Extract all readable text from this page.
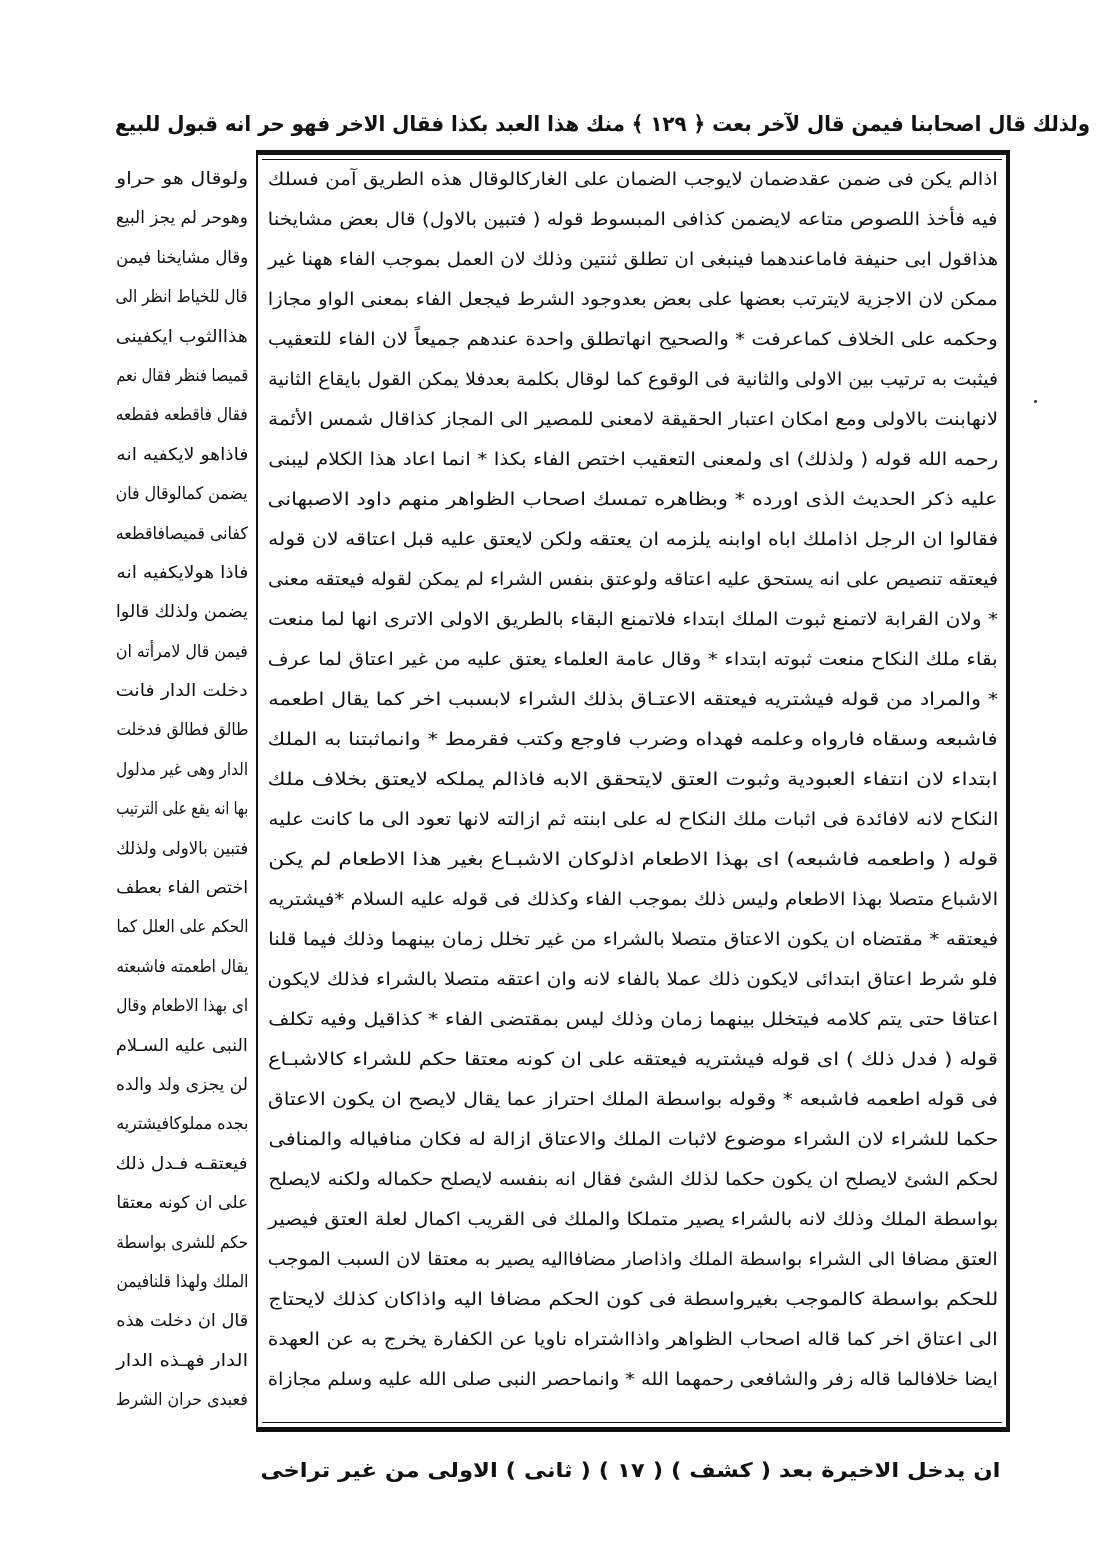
ولذلك قال اصحابنا فيمن قال لآخر بعت ﴿ ١٢٩ ﴾ منك هذا العبد بكذا فقال الاخر فهو حر انه قبول للبيع
ولوقال هو حراو
وهوحر لم يجز البيع
وقال مشايخنا فيمن
قال للخياط انظر الى
هذاالثوب ايكفينى
قميصا فنظر فقال نعم
فقال فاقطعه فقطعه
فاذاهو لايكفيه انه
يضمن كمالوقال فان
كفانى قميصافاقطعه
فاذا هولايكفيه انه
يضمن ولذلك قالوا
فيمن قال لامرأته ان
دخلت الدار فانت
طالق فطالق فدخلت
الدار وهى غير مدلول
بها انه يقع على الترتيب
فتبين بالاولى ولذلك
اختص الفاء بعطف
الحكم على العلل كما
يقال اطعمته فاشبعته
اى بهذا الاطعام وقال
النبى عليه السـلام
لن يجزى ولد والده
بجده مملوكافيشتريه
فيعتقـه فـدل ذلك
على ان كونه معتقا
حكم للشرى بواسطة
الملك ولهذا قلنافيمن
قال ان دخلت هذه
الدار فهـذه الدار
فعبدى حران الشرط
اذالم يكن فى ضمن عقدضمان لايوجب الضمان على الغاركالوقال هذه الطريق آمن فسلك
فيه فأخذ اللصوص متاعه لايضمن كذافى المبسوط قوله ( فتبين بالاول) قال بعض مشايخنا
هذاقول ابى حنيفة فاماعندهما فينبغى ان تطلق ثنتين وذلك لان العمل بموجب الفاء ههنا غير
ممكن لان الاجزية لايترتب بعضها على بعض بعدوجود الشرط فيجعل الفاء بمعنى الواو مجازا
وحكمه على الخلاف كماعرفت * والصحيح انهاتطلق واحدة عندهم جميعاً لان الفاء للتعقيب
فيثبت به ترتيب بين الاولى والثانية فى الوقوع كما لوقال بكلمة بعدفلا يمكن القول بايقاع الثانية
لانهابنت بالاولى ومع امكان اعتبار الحقيقة لامعنى للمصير الى المجاز كذاقال شمس الأئمة
رحمه الله قوله ( ولذلك) اى ولمعنى التعقيب اختص الفاء بكذا * انما اعاد هذا الكلام ليبنى
عليه ذكر الحديث الذى اورده * وبظاهره تمسك اصحاب الظواهر منهم داود الاصبهانى
فقالوا ان الرجل اذاملك اباه اوابنه يلزمه ان يعتقه ولكن لايعتق عليه قبل اعتاقه لان قوله
فيعتقه تنصيص على انه يستحق عليه اعتاقه ولوعتق بنفس الشراء لم يمكن لقوله فيعتقه معنى
* ولان القرابة لاتمنع ثبوت الملك ابتداء فلاتمنع البقاء بالطريق الاولى الاترى انها لما منعت
بقاء ملك النكاح منعت ثبوته ابتداء * وقال عامة العلماء يعتق عليه من غير اعتاق لما عرف
* والمراد من قوله فيشتريه فيعتقه الاعتـاق بذلك الشراء لابسبب اخر كما يقال اطعمه
فاشبعه وسقاه فارواه وعلمه فهداه وضرب فاوجع وكتب فقرمط * وانماثبتنا به الملك
ابتداء لان انتفاء العبودية وثبوت العتق لايتحقق الابه فاذالم يملكه لايعتق بخلاف ملك
النكاح لانه لافائدة فى اثبات ملك النكاح له على ابنته ثم ازالته لانها تعود الى ما كانت عليه
قوله ( واطعمه فاشبعه) اى بهذا الاطعام اذلوكان الاشبـاع بغير هذا الاطعام لم يكن
الاشباع متصلا بهذا الاطعام وليس ذلك بموجب الفاء وكذلك فى قوله عليه السلام *فيشتريه
فيعتقه * مقتضاه ان يكون الاعتاق متصلا بالشراء من غير تخلل زمان بينهما وذلك فيما قلنا
فلو شرط اعتاق ابتدائى لايكون ذلك عملا بالفاء لانه وان اعتقه متصلا بالشراء فذلك لايكون
اعتاقا حتى يتم كلامه فيتخلل بينهما زمان وذلك ليس بمقتضى الفاء * كذاقيل وفيه تكلف
قوله ( فدل ذلك ) اى قوله فيشتريه فيعتقه على ان كونه معتقا حكم للشراء كالاشبـاع
فى قوله اطعمه فاشبعه * وقوله بواسطة الملك احتراز عما يقال لايصح ان يكون الاعتاق
حكما للشراء لان الشراء موضوع لاثبات الملك والاعتاق ازالة له فكان منافياله والمنافى
لحكم الشئ لايصلح ان يكون حكما لذلك الشئ فقال انه بنفسه لايصلح حكماله ولكنه لايصلح
بواسطة الملك وذلك لانه بالشراء يصير متملكا والملك فى القريب اكمال لعلة العتق فيصير
العتق مضافا الى الشراء بواسطة الملك واذاصار مضافااليه يصير به معتقا لان السبب الموجب
للحكم بواسطة كالموجب بغيرواسطة فى كون الحكم مضافا اليه واذاكان كذلك لايحتاج
الى اعتاق اخر كما قاله اصحاب الظواهر واذااشتراه ناويا عن الكفارة يخرج به عن العهدة
ايضا خلافالما قاله زفر والشافعى رحمهما الله * وانماحصر النبى صلى الله عليه وسلم مجازاة
ان يدخل الاخيرة بعد ( كشف ) ( ١٧ ) ( ثانى ) الاولى من غير تراخى
